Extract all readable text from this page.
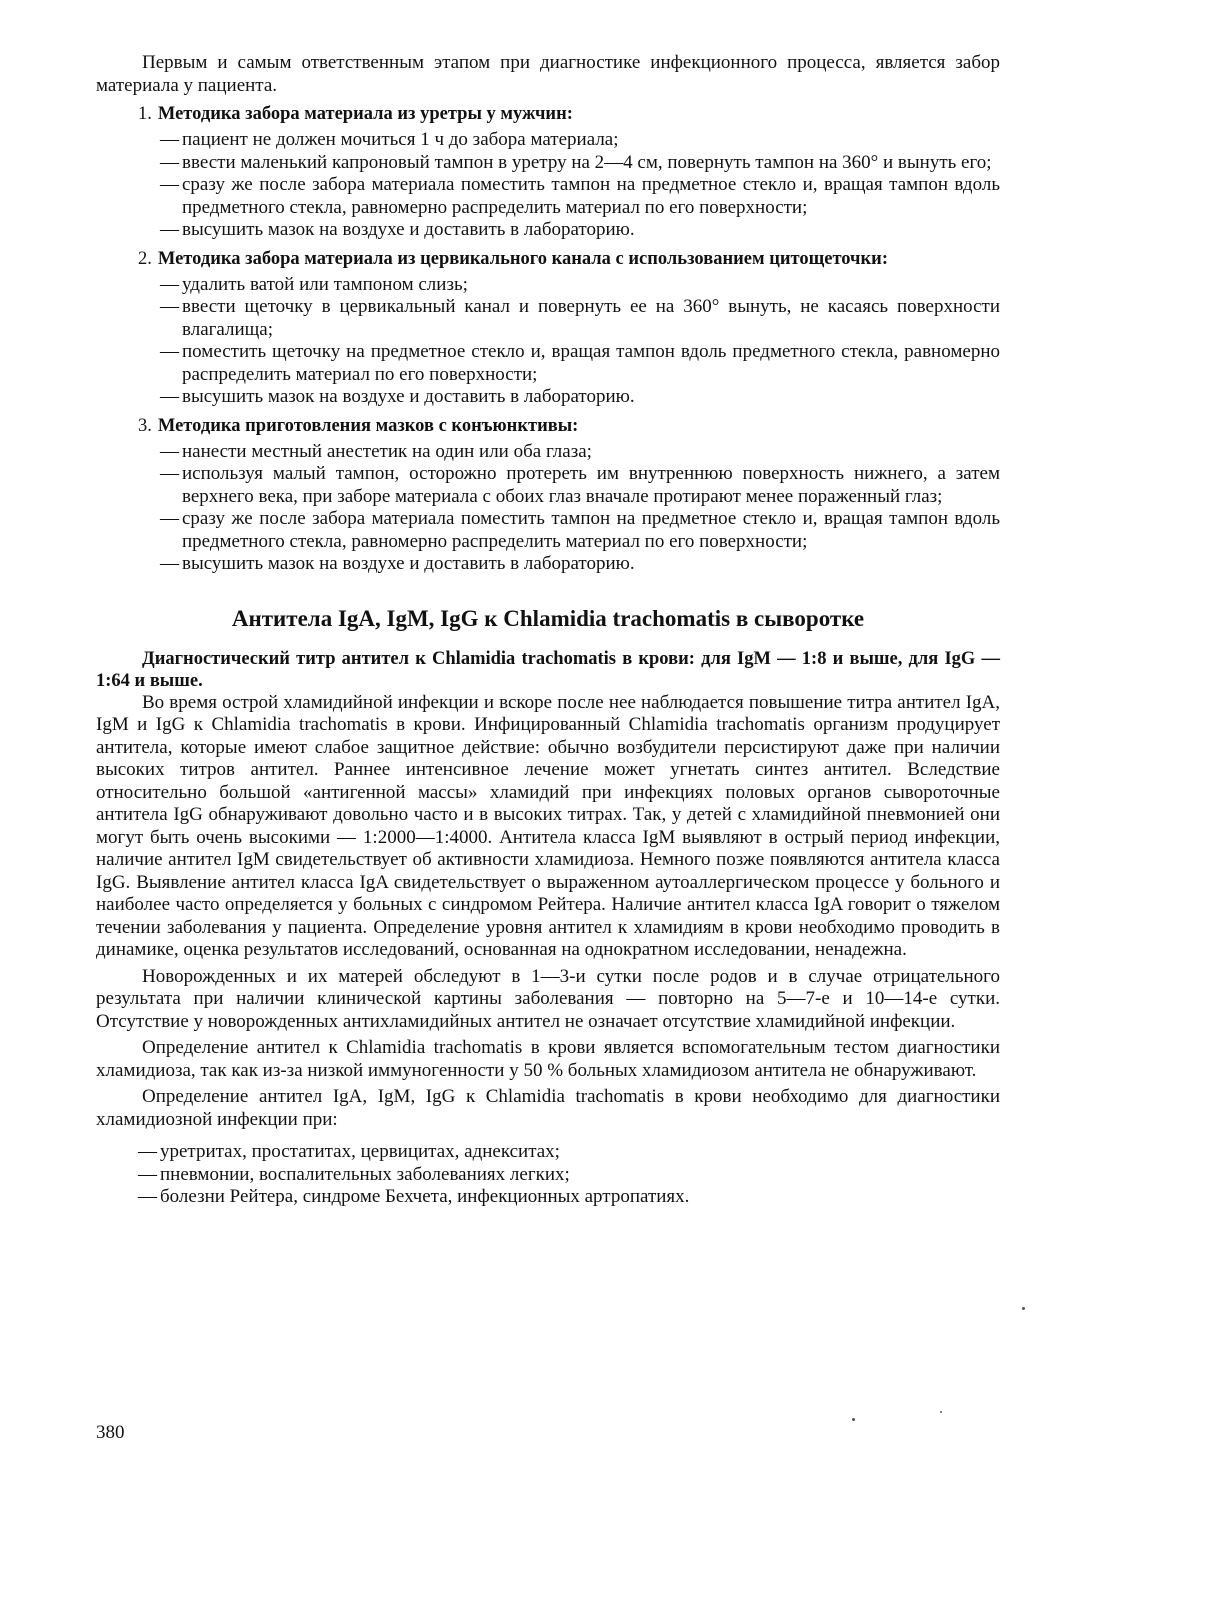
Первым и самым ответственным этапом при диагностике инфекционного процесса, является забор материала у пациента.

1. Методика забора материала из уретры у мужчин:
— пациент не должен мочиться 1 ч до забора материала;
— ввести маленький капроновый тампон в уретру на 2—4 см, повернуть тампон на 360° и вынуть его;
— сразу же после забора материала поместить тампон на предметное стекло и, вращая тампон вдоль предметного стекла, равномерно распределить материал по его поверхности;
— высушить мазок на воздухе и доставить в лабораторию.
2. Методика забора материала из цервикального канала с использованием цитощеточки:
— удалить ватой или тампоном слизь;
— ввести щеточку в цервикальный канал и повернуть ее на 360° вынуть, не касаясь поверхности влагалища;
— поместить щеточку на предметное стекло и, вращая тампон вдоль предметного стекла, равномерно распределить материал по его поверхности;
— высушить мазок на воздухе и доставить в лабораторию.
3. Методика приготовления мазков с конъюнктивы:
— нанести местный анестетик на один или оба глаза;
— используя малый тампон, осторожно протереть им внутреннюю поверхность нижнего, а затем верхнего века, при заборе материала с обоих глаз вначале протирают менее пораженный глаз;
— сразу же после забора материала поместить тампон на предметное стекло и, вращая тампон вдоль предметного стекла, равномерно распределить материал по его поверхности;
— высушить мазок на воздухе и доставить в лабораторию.
Антитела IgA, IgM, IgG к Chlamidia trachomatis в сыворотке

Диагностический титр антител к Chlamidia trachomatis в крови: для IgM — 1:8 и выше, для IgG — 1:64 и выше.

Во время острой хламидийной инфекции и вскоре после нее наблюдается повышение титра антител IgA, IgM и IgG к Chlamidia trachomatis в крови. Инфицированный Chlamidia trachomatis организм продуцирует антитела, которые имеют слабое защитное действие: обычно возбудители персистируют даже при наличии высоких титров антител. Раннее интенсивное лечение может угнетать синтез антител. Вследствие относительно большой «антигенной массы» хламидий при инфекциях половых органов сывороточные антитела IgG обнаруживают довольно часто и в высоких титрах. Так, у детей с хламидийной пневмонией они могут быть очень высокими — 1:2000—1:4000. Антитела класса IgM выявляют в острый период инфекции, наличие антител IgM свидетельствует об активности хламидиоза. Немного позже появляются антитела класса IgG. Выявление антител класса IgA свидетельствует о выраженном аутоаллергическом процессе у больного и наиболее часто определяется у больных с синдромом Рейтера. Наличие антител класса IgA говорит о тяжелом течении заболевания у пациента. Определение уровня антител к хламидиям в крови необходимо проводить в динамике, оценка результатов исследований, основанная на однократном исследовании, ненадежна.

Новорожденных и их матерей обследуют в 1—3-и сутки после родов и в случае отрицательного результата при наличии клинической картины заболевания — повторно на 5—7-е и 10—14-е сутки. Отсутствие у новорожденных антихламидийных антител не означает отсутствие хламидийной инфекции.

Определение антител к Chlamidia trachomatis в крови является вспомогательным тестом диагностики хламидиоза, так как из-за низкой иммуногенности у 50 % больных хламидиозом антитела не обнаруживают.

Определение антител IgA, IgM, IgG к Chlamidia trachomatis в крови необходимо для диагностики хламидиозной инфекции при:

— уретритах, простатитах, цервицитах, аднекситах;
— пневмонии, воспалительных заболеваниях легких;
— болезни Рейтера, синдроме Бехчета, инфекционных артропатиях.
380
